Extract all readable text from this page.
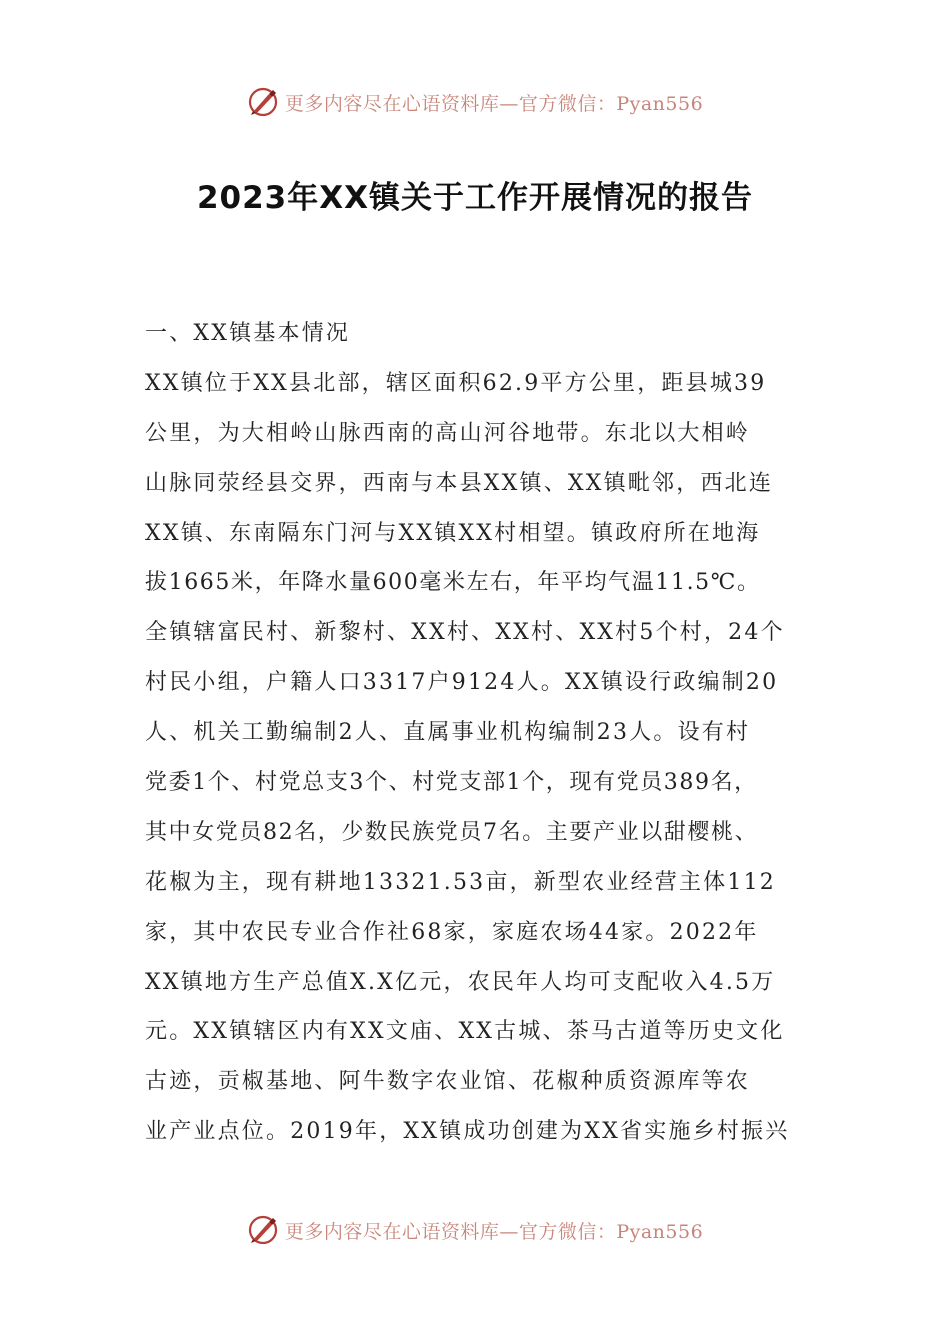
更多内容尽在心语资料库—官方微信：Pyan556
2023年XX镇关于工作开展情况的报告
一、XX镇基本情况
XX镇位于XX县北部，辖区面积62.9平方公里，距县城39
公里，为大相岭山脉西南的高山河谷地带。东北以大相岭
山脉同荥经县交界，西南与本县XX镇、XX镇毗邻，西北连
XX镇、东南隔东门河与XX镇XX村相望。镇政府所在地海
拔1665米，年降水量600毫米左右，年平均气温11.5℃。
全镇辖富民村、新黎村、XX村、XX村、XX村5个村，24个
村民小组，户籍人口3317户9124人。XX镇设行政编制20
人、机关工勤编制2人、直属事业机构编制23人。设有村
党委1个、村党总支3个、村党支部1个，现有党员389名，
其中女党员82名，少数民族党员7名。主要产业以甜樱桃、
花椒为主，现有耕地13321.53亩，新型农业经营主体112
家，其中农民专业合作社68家，家庭农场44家。2022年
XX镇地方生产总值X.X亿元，农民年人均可支配收入4.5万
元。XX镇辖区内有XX文庙、XX古城、茶马古道等历史文化
古迹，贡椒基地、阿牛数字农业馆、花椒种质资源库等农
业产业点位。2019年，XX镇成功创建为XX省实施乡村振兴
更多内容尽在心语资料库—官方微信：Pyan556
